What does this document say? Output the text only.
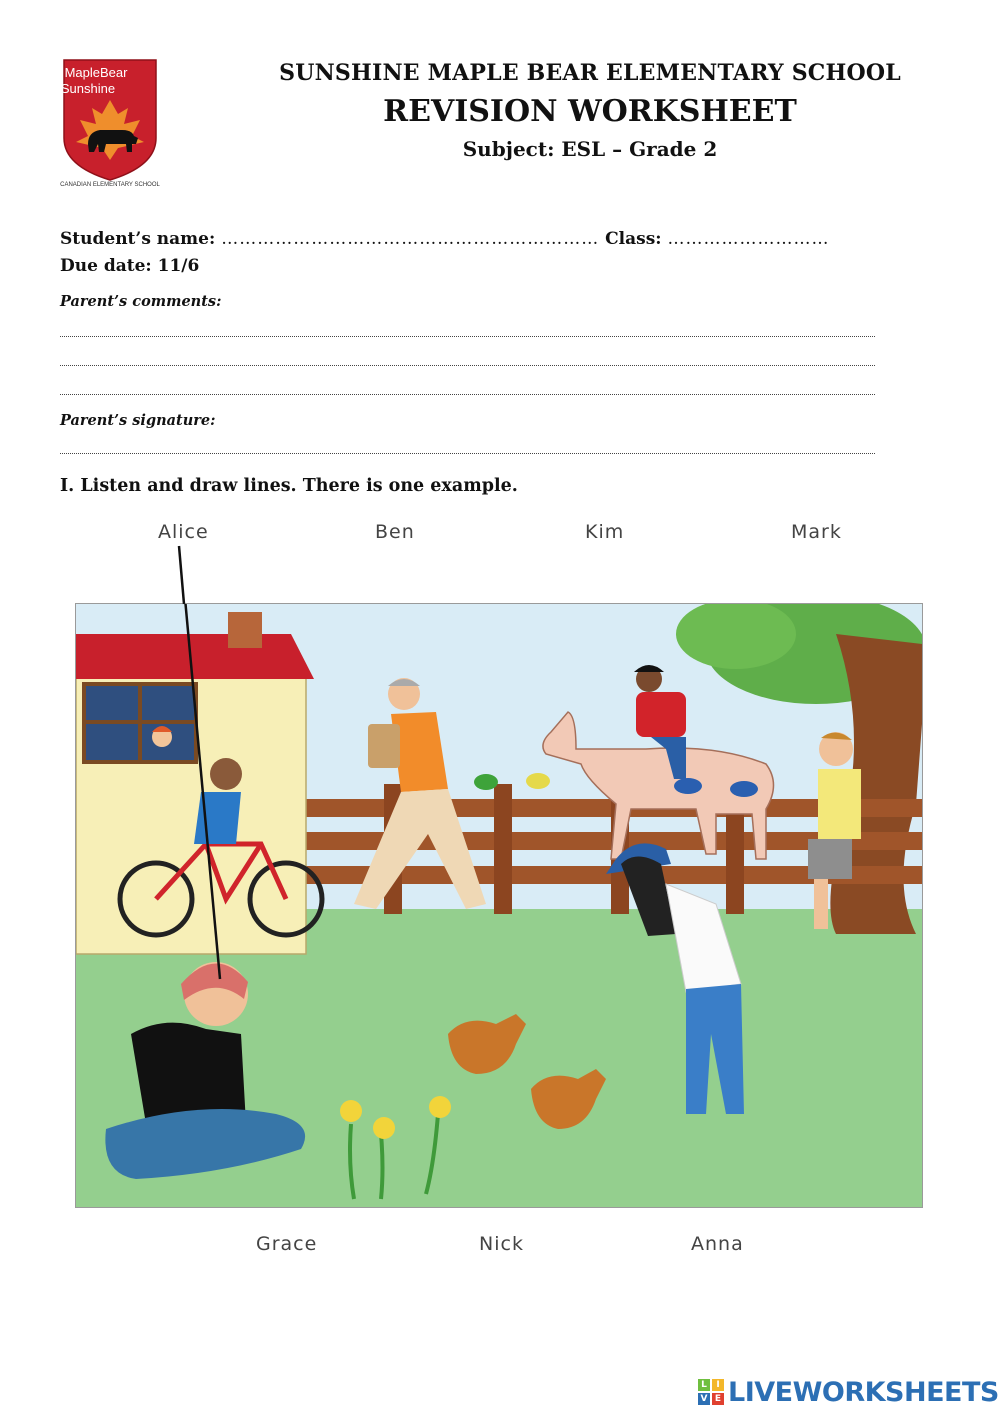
MapleBear
Sunshine
CANADIAN ELEMENTARY SCHOOL
SUNSHINE MAPLE BEAR ELEMENTARY SCHOOL
REVISION WORKSHEET
Subject: ESL – Grade 2
Student’s name: ……………………………………………………… Class: ………………………
Due date: 11/6
Parent’s comments:
Parent’s signature:
I. Listen and draw lines. There is one example.
Alice	Ben	Kim	Mark
Grace	Nick	Anna
L	I
V E LIVEWORKSHEETS
